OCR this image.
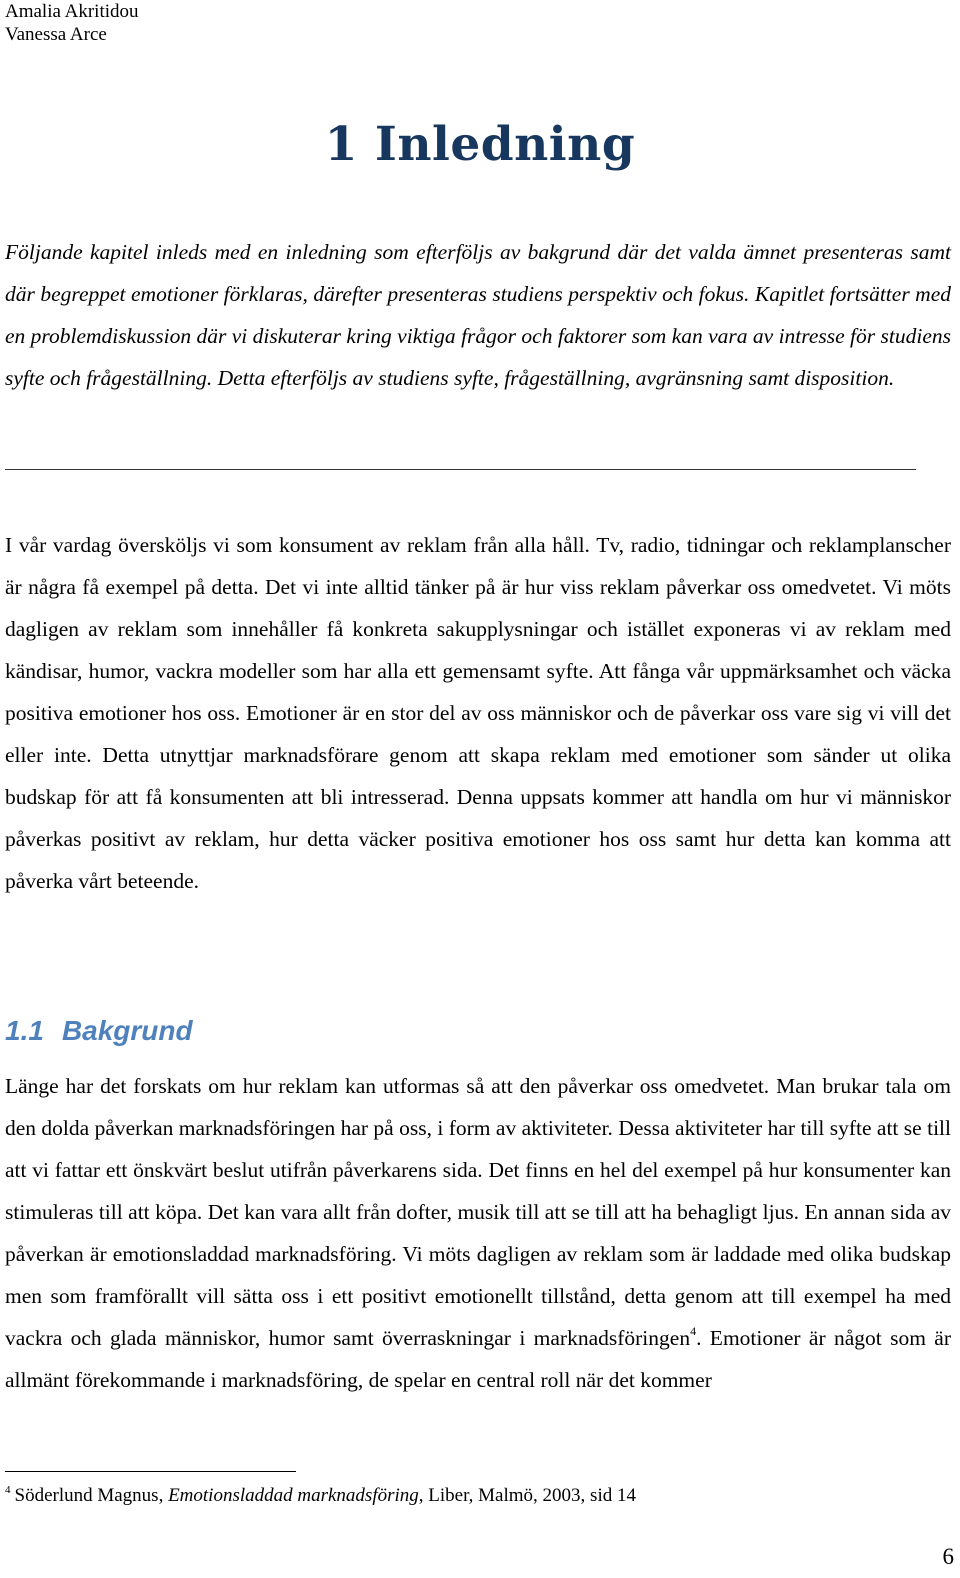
Amalia Akritidou
Vanessa Arce
1 Inledning

Följande kapitel inleds med en inledning som efterföljs av bakgrund där det valda ämnet presenteras samt där begreppet emotioner förklaras, därefter presenteras studiens perspektiv och fokus. Kapitlet fortsätter med en problemdiskussion där vi diskuterar kring viktiga frågor och faktorer som kan vara av intresse för studiens syfte och frågeställning. Detta efterföljs av studiens syfte, frågeställning, avgränsning samt disposition.

I vår vardag översköljs vi som konsument av reklam från alla håll. Tv, radio, tidningar och reklamplanscher är några få exempel på detta. Det vi inte alltid tänker på är hur viss reklam påverkar oss omedvetet. Vi möts dagligen av reklam som innehåller få konkreta sakupplysningar och istället exponeras vi av reklam med kändisar, humor, vackra modeller som har alla ett gemensamt syfte. Att fånga vår uppmärksamhet och väcka positiva emotioner hos oss. Emotioner är en stor del av oss människor och de påverkar oss vare sig vi vill det eller inte. Detta utnyttjar marknadsförare genom att skapa reklam med emotioner som sänder ut olika budskap för att få konsumenten att bli intresserad. Denna uppsats kommer att handla om hur vi människor påverkas positivt av reklam, hur detta väcker positiva emotioner hos oss samt hur detta kan komma att påverka vårt beteende.

1.1 Bakgrund

Länge har det forskats om hur reklam kan utformas så att den påverkar oss omedvetet. Man brukar tala om den dolda påverkan marknadsföringen har på oss, i form av aktiviteter. Dessa aktiviteter har till syfte att se till att vi fattar ett önskvärt beslut utifrån påverkarens sida. Det finns en hel del exempel på hur konsumenter kan stimuleras till att köpa. Det kan vara allt från dofter, musik till att se till att ha behagligt ljus. En annan sida av påverkan är emotionsladdad marknadsföring. Vi möts dagligen av reklam som är laddade med olika budskap men som framförallt vill sätta oss i ett positivt emotionellt tillstånd, detta genom att till exempel ha med vackra och glada människor, humor samt överraskningar i marknadsföringen$^4$. Emotioner är något som är allmänt förekommande i marknadsföring, de spelar en central roll när det kommer

$^4$ Söderlund Magnus, Emotionsladdad marknadsföring, Liber, Malmö, 2003, sid 14
6
